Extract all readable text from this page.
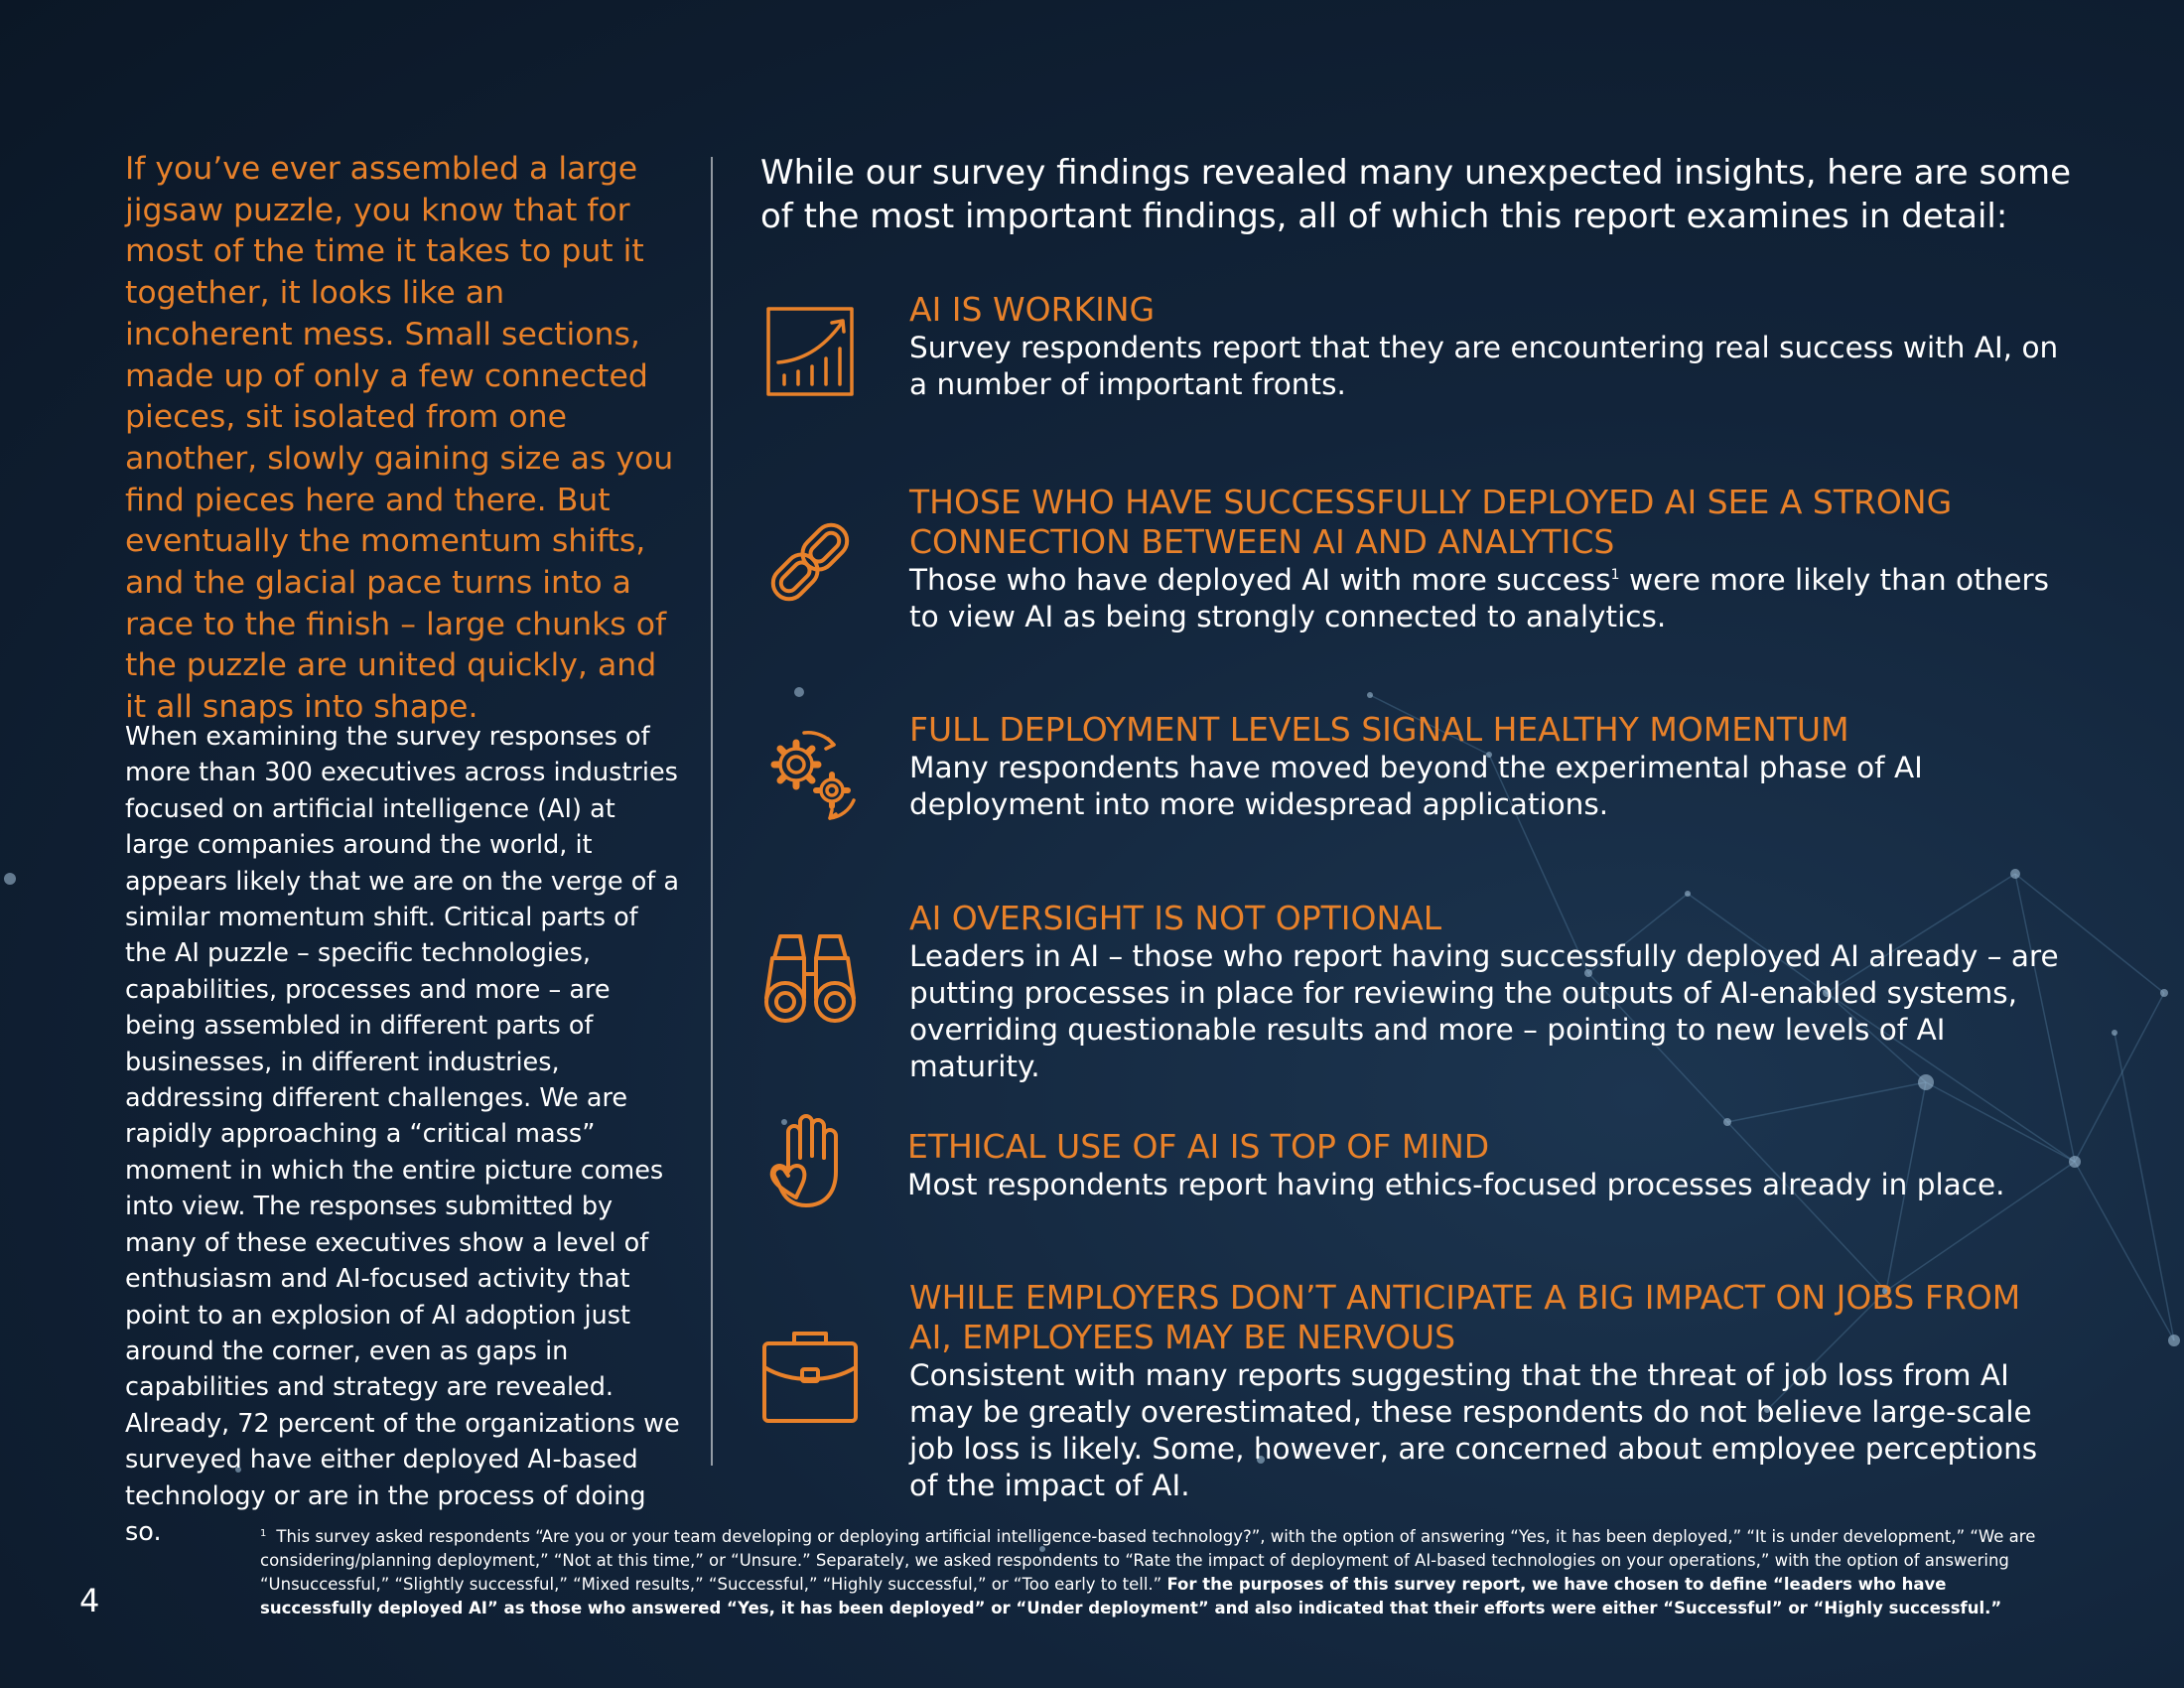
If you’ve ever assembled a large jigsaw puzzle, you know that for most of the time it takes to put it together, it looks like an incoherent mess. Small sections, made up of only a few connected pieces, sit isolated from one another, slowly gaining size as you find pieces here and there. But eventually the momentum shifts, and the glacial pace turns into a race to the finish – large chunks of the puzzle are united quickly, and it all snaps into shape.
When examining the survey responses of more than 300 executives across industries focused on artificial intelligence (AI) at large companies around the world, it appears likely that we are on the verge of a similar momentum shift. Critical parts of the AI puzzle – specific technologies, capabilities, processes and more – are being assembled in different parts of businesses, in different industries, addressing different challenges. We are rapidly approaching a “critical mass” moment in which the entire picture comes into view. The responses submitted by many of these executives show a level of enthusiasm and AI-focused activity that point to an explosion of AI adoption just around the corner, even as gaps in capabilities and strategy are revealed. Already, 72 percent of the organizations we surveyed have either deployed AI-based technology or are in the process of doing so.
While our survey findings revealed many unexpected insights, here are some of the most important findings, all of which this report examines in detail:
AI IS WORKING

Survey respondents report that they are encountering real success with AI, on a number of important fronts.

THOSE WHO HAVE SUCCESSFULLY DEPLOYED AI SEE A STRONG CONNECTION BETWEEN AI AND ANALYTICS

Those who have deployed AI with more success$^1$ were more likely than others to view AI as being strongly connected to analytics.

FULL DEPLOYMENT LEVELS SIGNAL HEALTHY MOMENTUM

Many respondents have moved beyond the experimental phase of AI deployment into more widespread applications.

AI OVERSIGHT IS NOT OPTIONAL

Leaders in AI – those who report having successfully deployed AI already – are putting processes in place for reviewing the outputs of AI-enabled systems, overriding questionable results and more – pointing to new levels of AI maturity.

ETHICAL USE OF AI IS TOP OF MIND

Most respondents report having ethics-focused processes already in place.

WHILE EMPLOYERS DON’T ANTICIPATE A BIG IMPACT ON JOBS FROM AI, EMPLOYEES MAY BE NERVOUS

Consistent with many reports suggesting that the threat of job loss from AI may be greatly overestimated, these respondents do not believe large-scale job loss is likely. Some, however, are concerned about employee perceptions of the impact of AI.

$^1$ This survey asked respondents “Are you or your team developing or deploying artificial intelligence-based technology?”, with the option of answering “Yes, it has been deployed,” “It is under development,” “We are considering/planning deployment,” “Not at this time,” or “Unsure.” Separately, we asked respondents to “Rate the impact of deployment of AI-based technologies on your operations,” with the option of answering “Unsuccessful,” “Slightly successful,” “Mixed results,” “Successful,” “Highly successful,” or “Too early to tell.” For the purposes of this survey report, we have chosen to define “leaders who have successfully deployed AI” as those who answered “Yes, it has been deployed” or “Under deployment” and also indicated that their efforts were either “Successful” or “Highly successful.”
4
